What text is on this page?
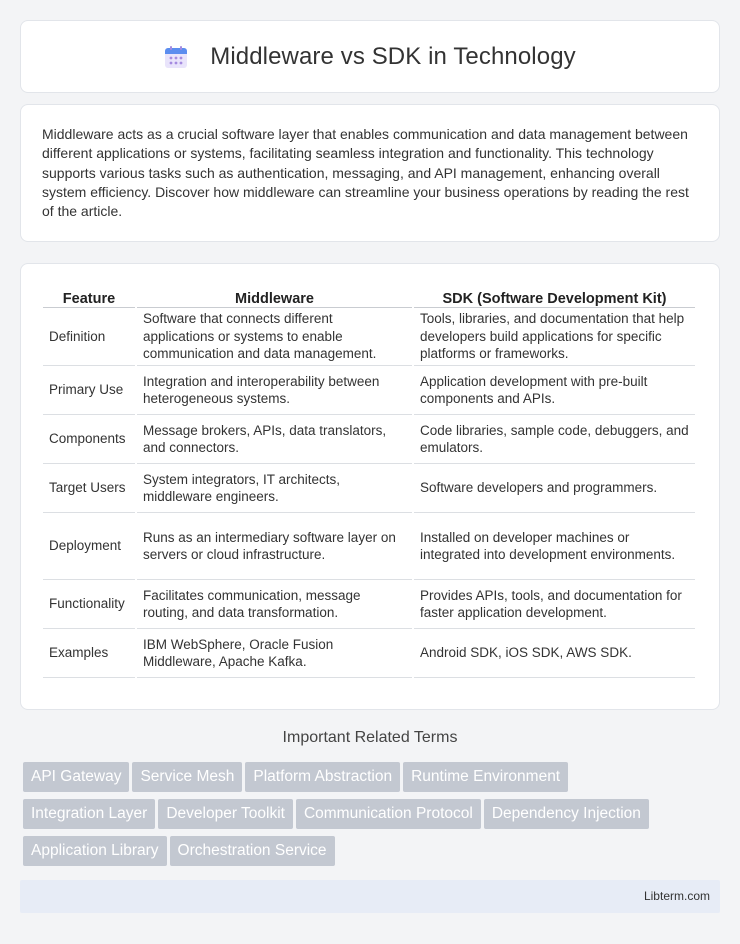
Middleware vs SDK in Technology

Middleware acts as a crucial software layer that enables communication and data management between different applications or systems, facilitating seamless integration and functionality. This technology supports various tasks such as authentication, messaging, and API management, enhancing overall system efficiency. Discover how middleware can streamline your business operations by reading the rest of the article.

Feature	Middleware	SDK (Software Development Kit)
Definition	Software that connects different applications or systems to enable communication and data management.	Tools, libraries, and documentation that help developers build applications for specific platforms or frameworks.
Primary Use	Integration and interoperability between heterogeneous systems.	Application development with pre-built components and APIs.
Components	Message brokers, APIs, data translators, and connectors.	Code libraries, sample code, debuggers, and emulators.
Target Users	System integrators, IT architects, middleware engineers.	Software developers and programmers.
Deployment	Runs as an intermediary software layer on servers or cloud infrastructure.	Installed on developer machines or integrated into development environments.
Functionality	Facilitates communication, message routing, and data transformation.	Provides APIs, tools, and documentation for faster application development.
Examples	IBM WebSphere, Oracle Fusion Middleware, Apache Kafka.	Android SDK, iOS SDK, AWS SDK.
Important Related Terms
API Gateway	Service Mesh	Platform Abstraction	Runtime Environment
Integration Layer	Developer Toolkit	Communication Protocol	Dependency Injection
Application Library	Orchestration Service
Libterm.com
